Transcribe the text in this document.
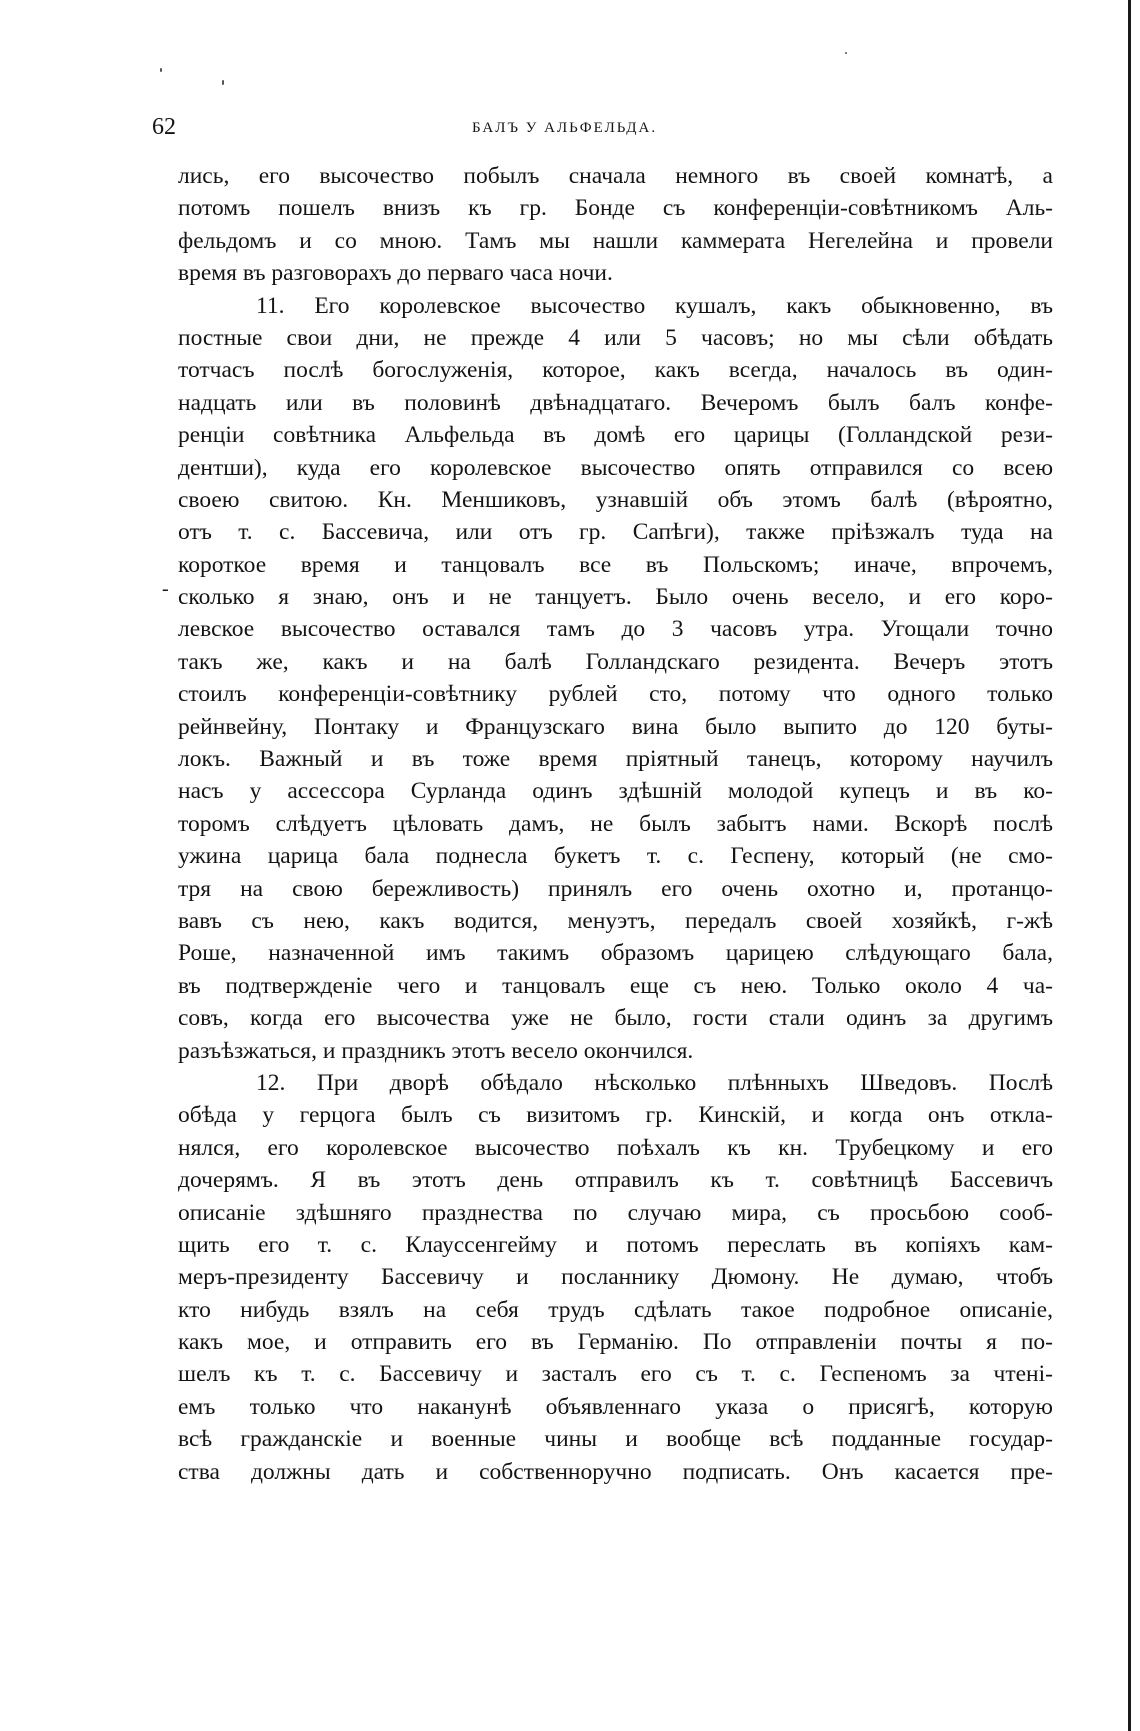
62	БАЛЪ У АЛЬФЕЛЬДА.
-
лись, его высочество побылъ сначала немного въ своей комнатѣ, а
потомъ пошелъ внизъ къ гр. Бонде съ конференцiи-совѣтникомъ Аль-
фельдомъ и со мною. Тамъ мы нашли каммерата Негелейна и провели
время въ разговорахъ до перваго часа ночи.
11. Его королевское высочество кушалъ, какъ обыкновенно, въ
постные свои дни, не прежде 4 или 5 часовъ; но мы сѣли обѣдать
тотчасъ послѣ богослуженiя, которое, какъ всегда, началось въ один-
надцать или въ половинѣ двѣнадцатаго. Вечеромъ былъ балъ конфе-
ренцiи совѣтника Альфельда въ домѣ его царицы (Голландской рези-
дентши), куда его королевское высочество опять отправился со всею
своею свитою. Кн. Меншиковъ, узнавшiй объ этомъ балѣ (вѣроятно,
отъ т. с. Бассевича, или отъ гр. Сапѣги), также прiѣзжалъ туда на
короткое время и танцовалъ все въ Польскомъ; иначе, впрочемъ,
сколько я знаю, онъ и не танцуетъ. Было очень весело, и его коро-
левское высочество оставался тамъ до 3 часовъ утра. Угощали точно
такъ же, какъ и на балѣ Голландскаго резидента. Вечеръ этотъ
стоилъ конференцiи-совѣтнику рублей сто, потому что одного только
рейнвейну, Понтаку и Французскаго вина было выпито до 120 буты-
локъ. Важный и въ тоже время прiятный танецъ, которому научилъ
насъ у ассессора Сурланда одинъ здѣшнiй молодой купецъ и въ ко-
торомъ слѣдуетъ цѣловать дамъ, не былъ забытъ нами. Вскорѣ послѣ
ужина царица бала поднесла букетъ т. с. Геспену, который (не смо-
тря на свою бережливость) принялъ его очень охотно и, протанцо-
вавъ съ нею, какъ водится, менуэтъ, передалъ своей хозяйкѣ, г-жѣ
Роше, назначенной имъ такимъ образомъ царицею слѣдующаго бала,
въ подтвержденiе чего и танцовалъ еще съ нею. Только около 4 ча-
совъ, когда его высочества уже не было, гости стали одинъ за другимъ
разъѣзжаться, и праздникъ этотъ весело окончился.
12. При дворѣ обѣдало нѣсколько плѣнныхъ Шведовъ. Послѣ
обѣда у герцога былъ съ визитомъ гр. Кинскiй, и когда онъ откла-
нялся, его королевское высочество поѣхалъ къ кн. Трубецкому и его
дочерямъ. Я въ этотъ день отправилъ къ т. совѣтницѣ Бассевичъ
описанiе здѣшняго празднества по случаю мира, съ просьбою сооб-
щить его т. с. Клауссенгейму и потомъ переслать въ копiяхъ кам-
меръ-президенту Бассевичу и посланнику Дюмону. Не думаю, чтобъ
кто нибудь взялъ на себя трудъ сдѣлать такое подробное описанiе,
какъ мое, и отправить его въ Германiю. По отправленiи почты я по-
шелъ къ т. с. Бассевичу и засталъ его съ т. с. Геспеномъ за чтенi-
емъ только что наканунѣ объявленнаго указа о присягѣ, которую
всѣ гражданскiе и военные чины и вообще всѣ подданные государ-
ства должны дать и собственноручно подписать. Онъ касается пре-
